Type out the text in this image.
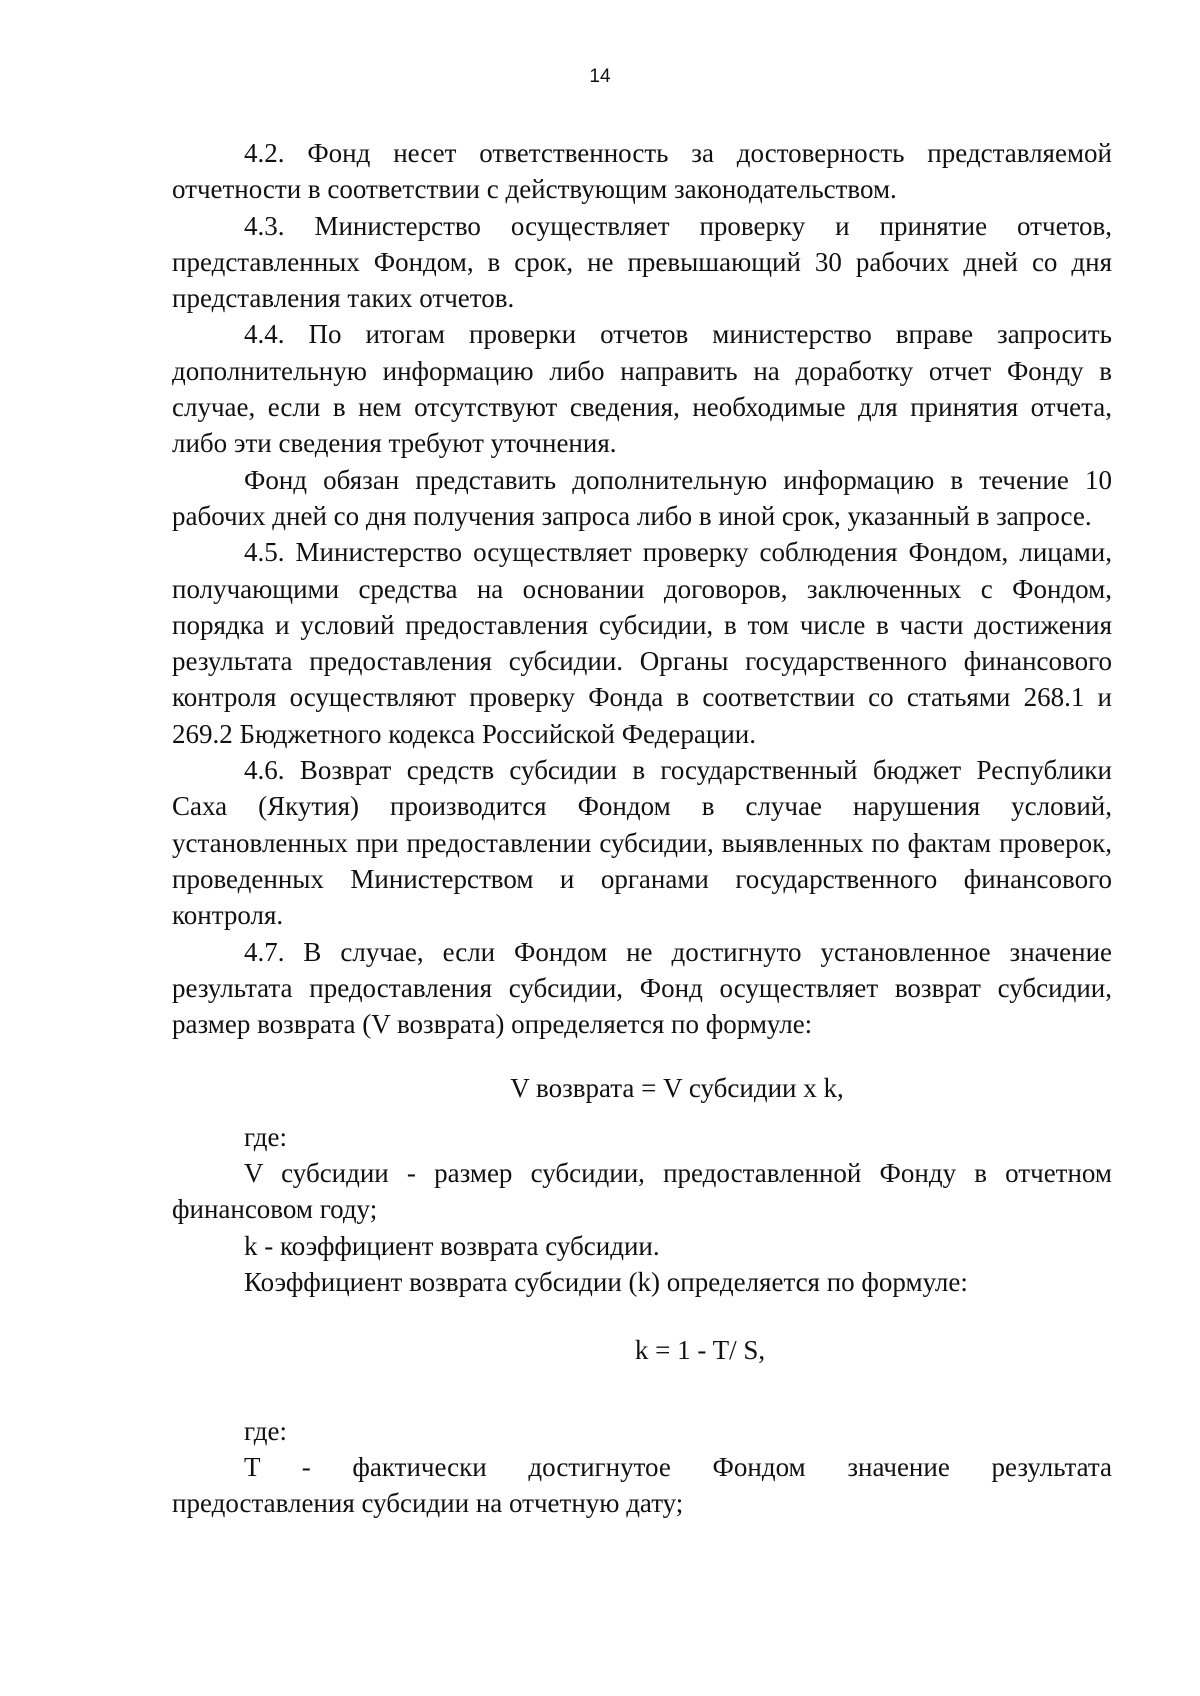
14

4.2. Фонд несет ответственность за достоверность представляемой отчетности в соответствии с действующим законодательством.

4.3. Министерство осуществляет проверку и принятие отчетов, представленных Фондом, в срок, не превышающий 30 рабочих дней со дня представления таких отчетов.

4.4. По итогам проверки отчетов министерство вправе запросить дополнительную информацию либо направить на доработку отчет Фонду в случае, если в нем отсутствуют сведения, необходимые для принятия отчета, либо эти сведения требуют уточнения.

Фонд обязан представить дополнительную информацию в течение 10 рабочих дней со дня получения запроса либо в иной срок, указанный в запросе.

4.5. Министерство осуществляет проверку соблюдения Фондом, лицами, получающими средства на основании договоров, заключенных с Фондом, порядка и условий предоставления субсидии, в том числе в части достижения результата предоставления субсидии. Органы государственного финансового контроля осуществляют проверку Фонда в соответствии со статьями 268.1 и 269.2 Бюджетного кодекса Российской Федерации.

4.6. Возврат средств субсидии в государственный бюджет Республики Саха (Якутия) производится Фондом в случае нарушения условий, установленных при предоставлении субсидии, выявленных по фактам проверок, проведенных Министерством и органами государственного финансового контроля.

4.7. В случае, если Фондом не достигнуто установленное значение результата предоставления субсидии, Фонд осуществляет возврат субсидии, размер возврата (V возврата) определяется по формуле:

V возврата = V субсидии x k,

где:

V субсидии - размер субсидии, предоставленной Фонду в отчетном финансовом году;

k - коэффициент возврата субсидии.

Коэффициент возврата субсидии (k) определяется по формуле:

k = 1 - T/ S,

где:

T - фактически достигнутое Фондом значение результата

предоставления субсидии на отчетную дату;
